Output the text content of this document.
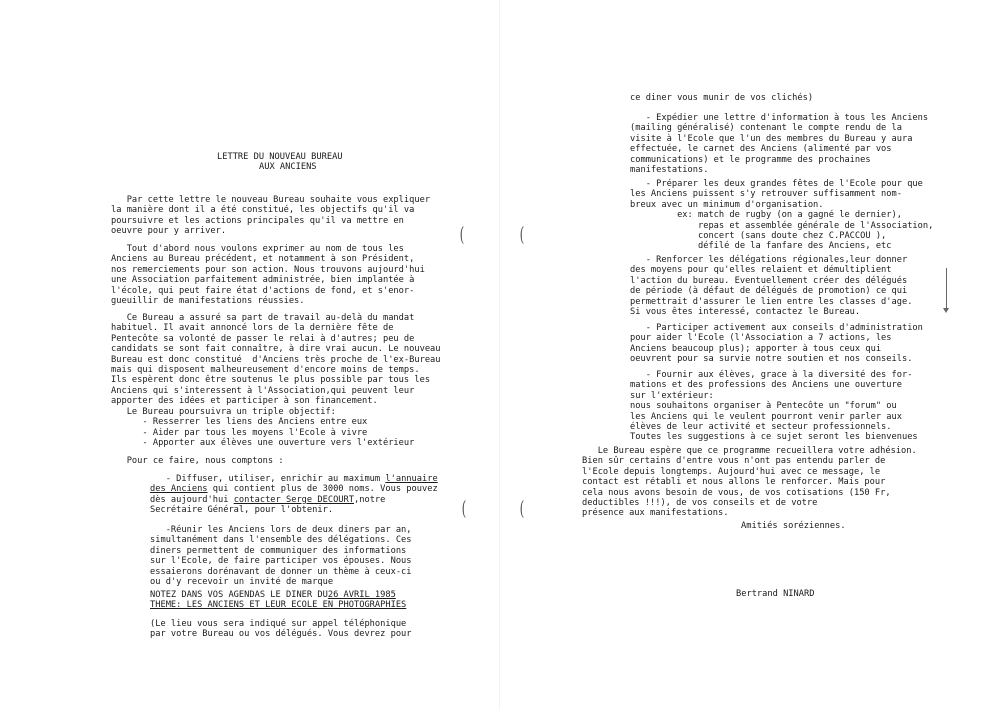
LETTRE DU NOUVEAU BUREAU
AUX ANCIENS
Par cette lettre le nouveau Bureau souhaite vous expliquer
la manière dont il a été constitué, les objectifs qu'il va
poursuivre et les actions principales qu'il va mettre en
oeuvre pour y arriver.
Tout d'abord nous voulons exprimer au nom de tous les
Anciens au Bureau précédent, et notamment à son Président,
nos remerciements pour son action. Nous trouvons aujourd'hui
une Association parfaitement administrée, bien implantée à
l'école, qui peut faire état d'actions de fond, et s'enor-
gueuillir de manifestations réussies.
Ce Bureau a assuré sa part de travail au-delà du mandat
habituel. Il avait annoncé lors de la dernière fête de
Pentecôte sa volonté de passer le relai à d'autres; peu de
candidats se sont fait connaître, à dire vrai aucun. Le nouveau
Bureau est donc constitué  d'Anciens très proche de l'ex-Bureau
mais qui disposent malheureusement d'encore moins de temps.
Ils espèrent donc être soutenus le plus possible par tous les
Anciens qui s'interessent à l'Association,qui peuvent leur
apporter des idées et participer à son financement.
Le Bureau poursuivra un triple objectif:
- Resserrer les liens des Anciens entre eux
- Aider par tous les moyens l'Ecole à vivre
- Apporter aux élèves une ouverture vers l'extérieur
Pour ce faire, nous comptons :
- Diffuser, utiliser, enrichir au maximum l'annuaire
des Anciens qui contient plus de 3000 noms. Vous pouvez
dès aujourd'hui contacter Serge DECOURT,notre
Secrétaire Général, pour l'obtenir.
-Réunir les Anciens lors de deux diners par an,
simultanément dans l'ensemble des délégations. Ces
diners permettent de communiquer des informations
sur l'Ecole, de faire participer vos épouses. Nous
essaierons dorénavant de donner un thème à ceux-ci
ou d'y recevoir un invité de marque
NOTEZ DANS VOS AGENDAS LE DINER DU26 AVRIL 1985
THEME: LES ANCIENS ET LEUR ECOLE EN PHOTOGRAPHIES
(Le lieu vous sera indiqué sur appel téléphonique
par votre Bureau ou vos délégués. Vous devrez pour
(
(
(
(
ce diner vous munir de vos clichés)
- Expédier une lettre d'information à tous les Anciens
(mailing généralisé) contenant le compte rendu de la
visite à l'Ecole que l'un des membres du Bureau y aura
effectuée, le carnet des Anciens (alimenté par vos
communications) et le programme des prochaines
manifestations.
- Préparer les deux grandes fêtes de l'Ecole pour que
les Anciens puissent s'y retrouver suffisamment nom-
breux avec un minimum d'organisation.
ex: match de rugby (on a gagné le dernier),
repas et assemblée générale de l'Association,
concert (sans doute chez C.PACCOU ),
défilé de la fanfare des Anciens, etc
- Renforcer les délégations régionales,leur donner
des moyens pour qu'elles relaient et démultiplient
l'action du bureau. Eventuellement créer des délégués
de période (à défaut de délégués de promotion) ce qui
permettrait d'assurer le lien entre les classes d'age.
Si vous êtes interessé, contactez le Bureau.
- Participer activement aux conseils d'administration
pour aider l'Ecole (l'Association a 7 actions, les
Anciens beaucoup plus); apporter à tous ceux qui
oeuvrent pour sa survie notre soutien et nos conseils.
- Fournir aux élèves, grace à la diversité des for-
mations et des professions des Anciens une ouverture
sur l'extérieur:
nous souhaitons organiser à Pentecôte un "forum" ou
les Anciens qui le veulent pourront venir parler aux
élèves de leur activité et secteur professionnels.
Toutes les suggestions à ce sujet seront les bienvenues
Le Bureau espère que ce programme recueillera votre adhésion.
Bien sûr certains d'entre vous n'ont pas entendu parler de
l'Ecole depuis longtemps. Aujourd'hui avec ce message, le
contact est rétabli et nous allons le renforcer. Mais pour
cela nous avons besoin de vous, de vos cotisations (150 Fr,
deductibles !!!), de vos conseils et de votre
présence aux manifestations.
Amitiés soréziennes.
Bertrand NINARD
